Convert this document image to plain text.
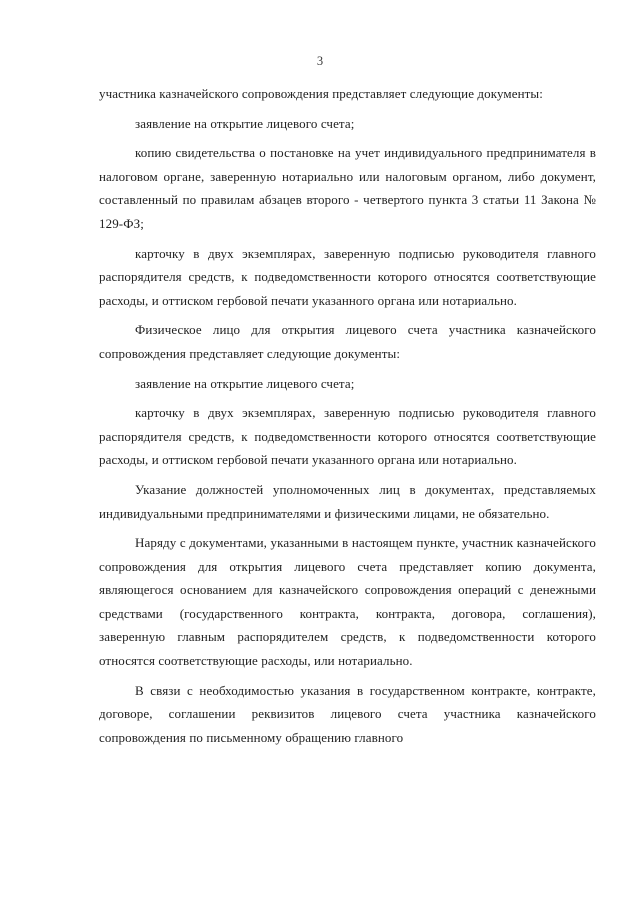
3

участника казначейского сопровождения представляет следующие документы:

заявление на открытие лицевого счета;

копию свидетельства о постановке на учет индивидуального предпринимателя в налоговом органе, заверенную нотариально или налоговым органом, либо документ, составленный по правилам абзацев второго - четвертого пункта 3 статьи 11 Закона № 129-ФЗ;

карточку в двух экземплярах, заверенную подписью руководителя главного распорядителя средств, к подведомственности которого относятся соответствующие расходы, и оттиском гербовой печати указанного органа или нотариально.

Физическое лицо для открытия лицевого счета участника казначейского сопровождения представляет следующие документы:

заявление на открытие лицевого счета;

карточку в двух экземплярах, заверенную подписью руководителя главного распорядителя средств, к подведомственности которого относятся соответствующие расходы, и оттиском гербовой печати указанного органа или нотариально.

Указание должностей уполномоченных лиц в документах, представляемых индивидуальными предпринимателями и физическими лицами, не обязательно.

Наряду с документами, указанными в настоящем пункте, участник казначейского сопровождения для открытия лицевого счета представляет копию документа, являющегося основанием для казначейского сопровождения операций с денежными средствами (государственного контракта, контракта, договора, соглашения), заверенную главным распорядителем средств, к подведомственности которого относятся соответствующие расходы, или нотариально.

В связи с необходимостью указания в государственном контракте, контракте, договоре, соглашении реквизитов лицевого счета участника казначейского сопровождения по письменному обращению главного
